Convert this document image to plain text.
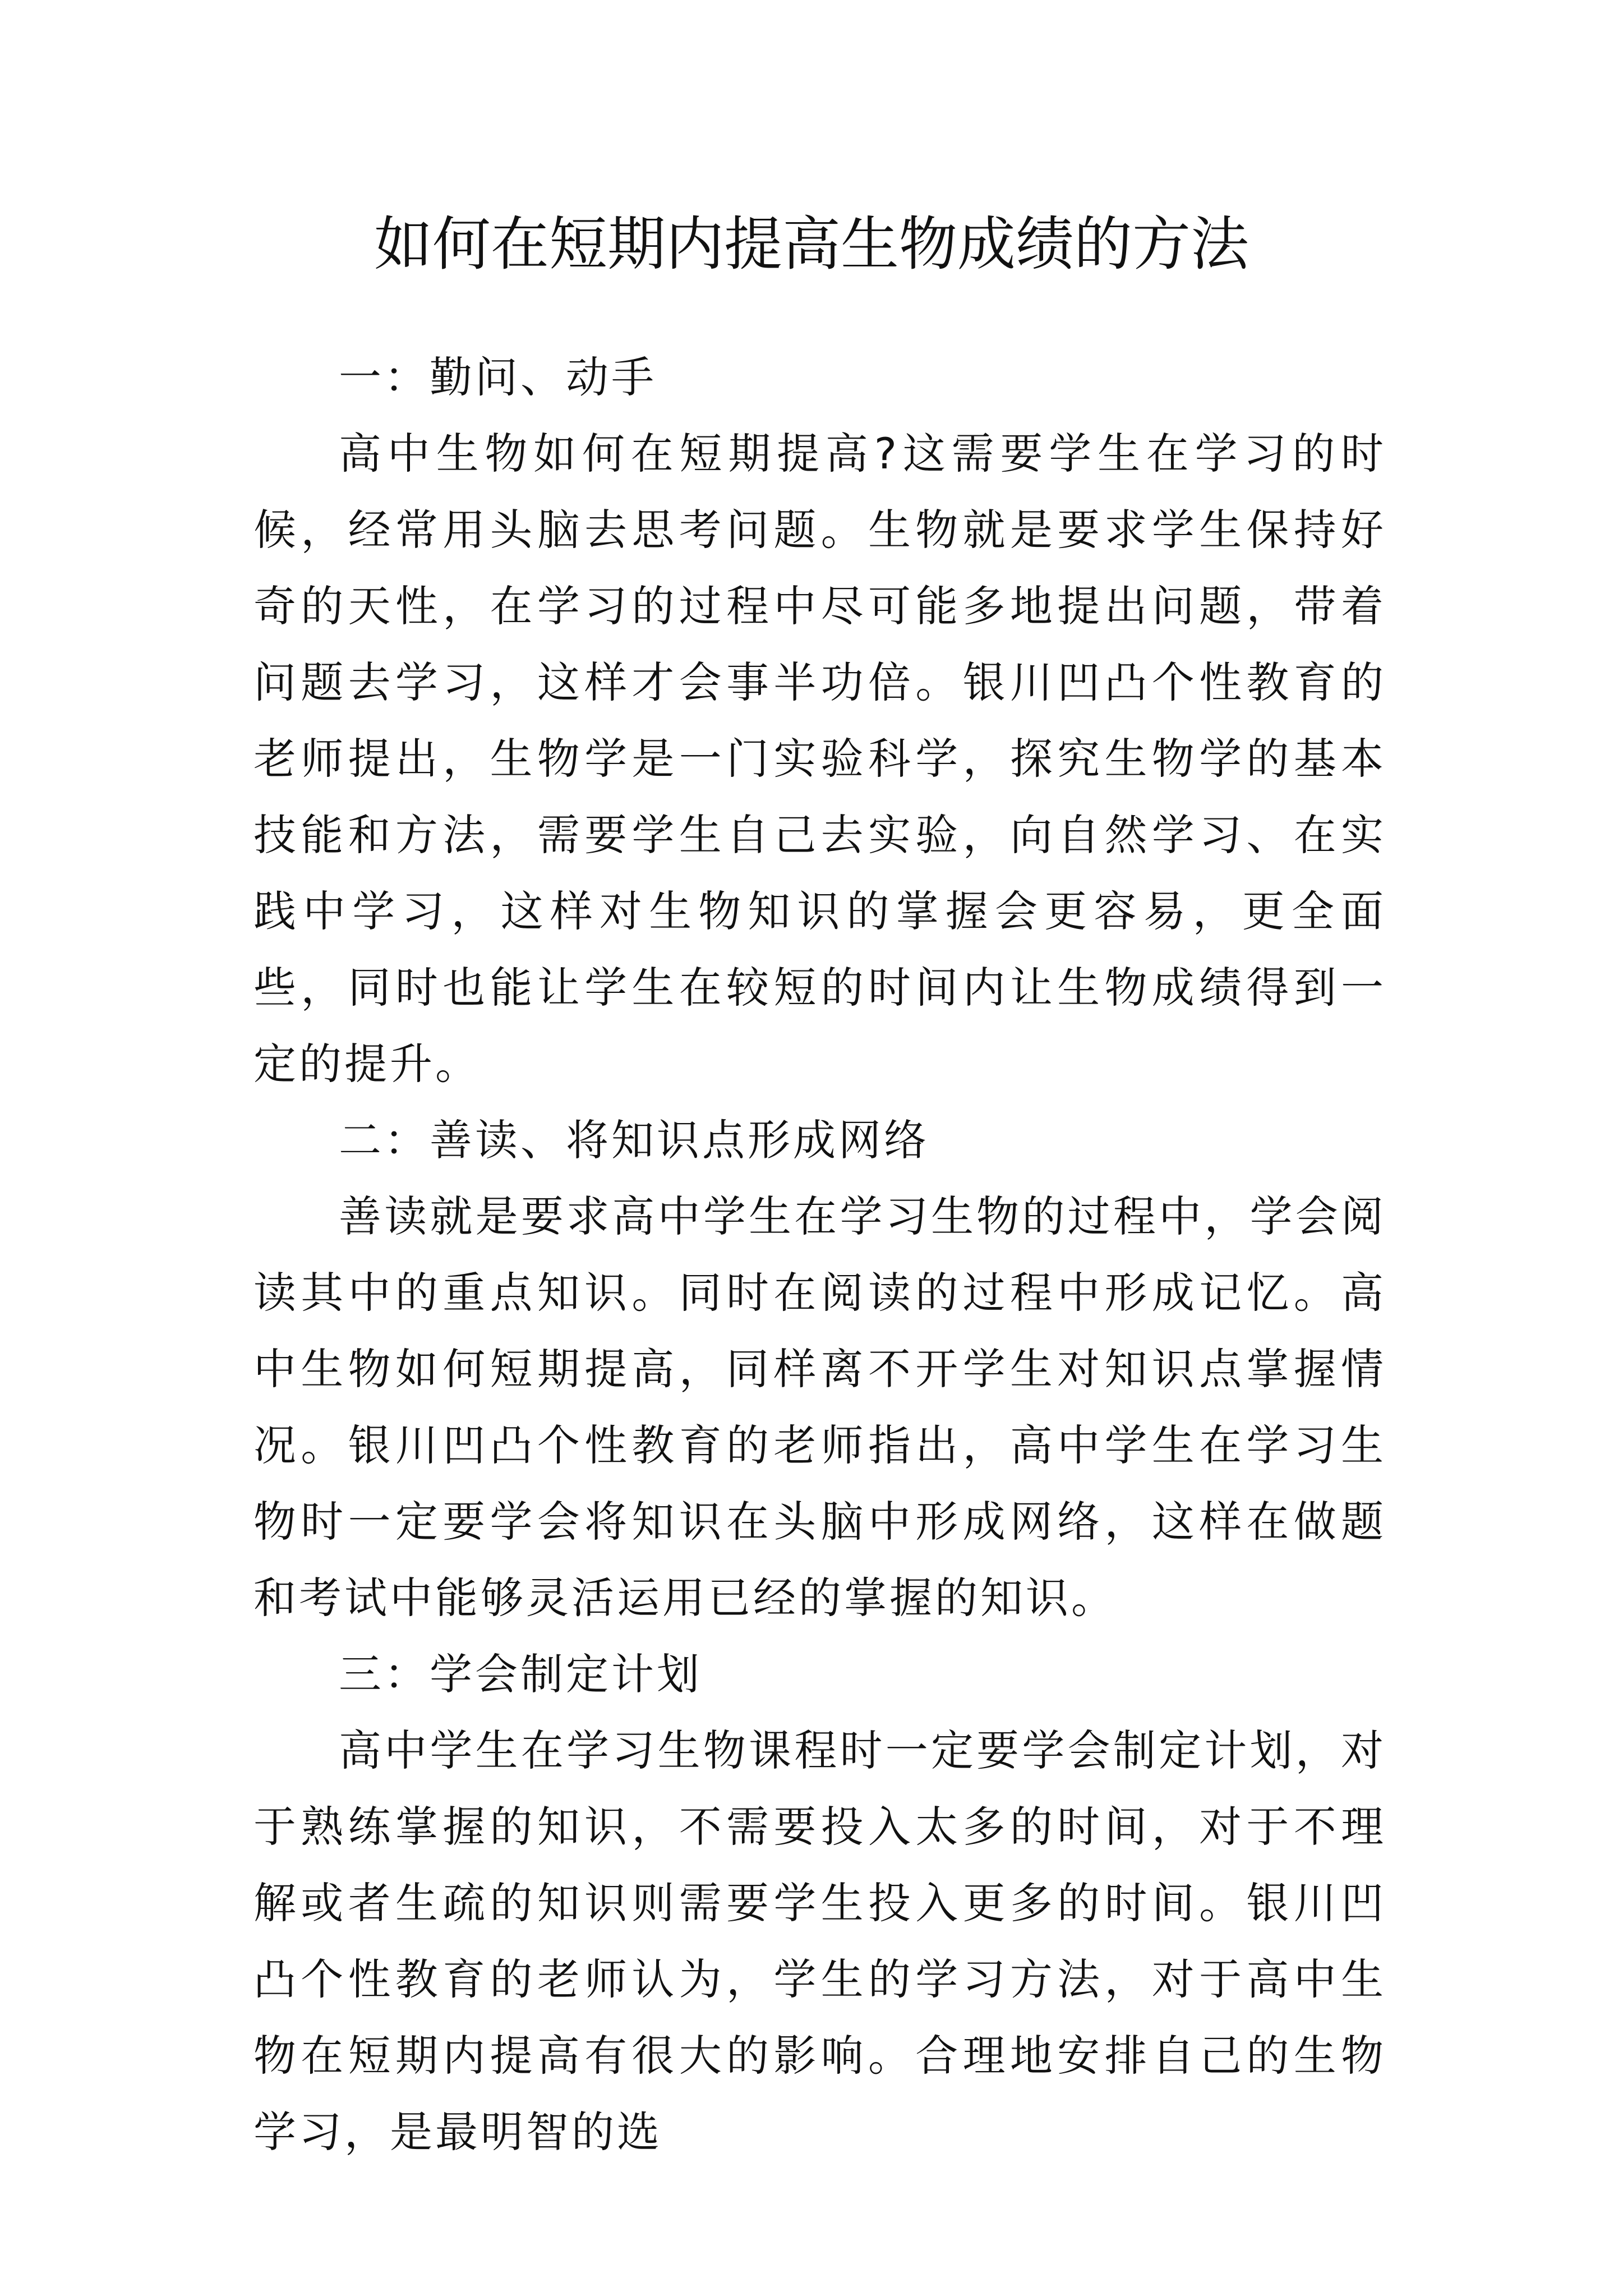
如何在短期内提高生物成绩的方法

一：勤问、动手

高中生物如何在短期提高?这需要学生在学习的时候，经常用头脑去思考问题。生物就是要求学生保持好奇的天性，在学习的过程中尽可能多地提出问题，带着问题去学习，这样才会事半功倍。银川凹凸个性教育的老师提出，生物学是一门实验科学，探究生物学的基本技能和方法，需要学生自己去实验，向自然学习、在实践中学习，这样对生物知识的掌握会更容易，更全面些，同时也能让学生在较短的时间内让生物成绩得到一定的提升。

二：善读、将知识点形成网络

善读就是要求高中学生在学习生物的过程中，学会阅读其中的重点知识。同时在阅读的过程中形成记忆。高中生物如何短期提高，同样离不开学生对知识点掌握情况。银川凹凸个性教育的老师指出，高中学生在学习生物时一定要学会将知识在头脑中形成网络，这样在做题和考试中能够灵活运用已经的掌握的知识。

三：学会制定计划

高中学生在学习生物课程时一定要学会制定计划，对于熟练掌握的知识，不需要投入太多的时间，对于不理解或者生疏的知识则需要学生投入更多的时间。银川凹凸个性教育的老师认为，学生的学习方法，对于高中生物在短期内提高有很大的影响。合理地安排自己的生物学习，是最明智的选
